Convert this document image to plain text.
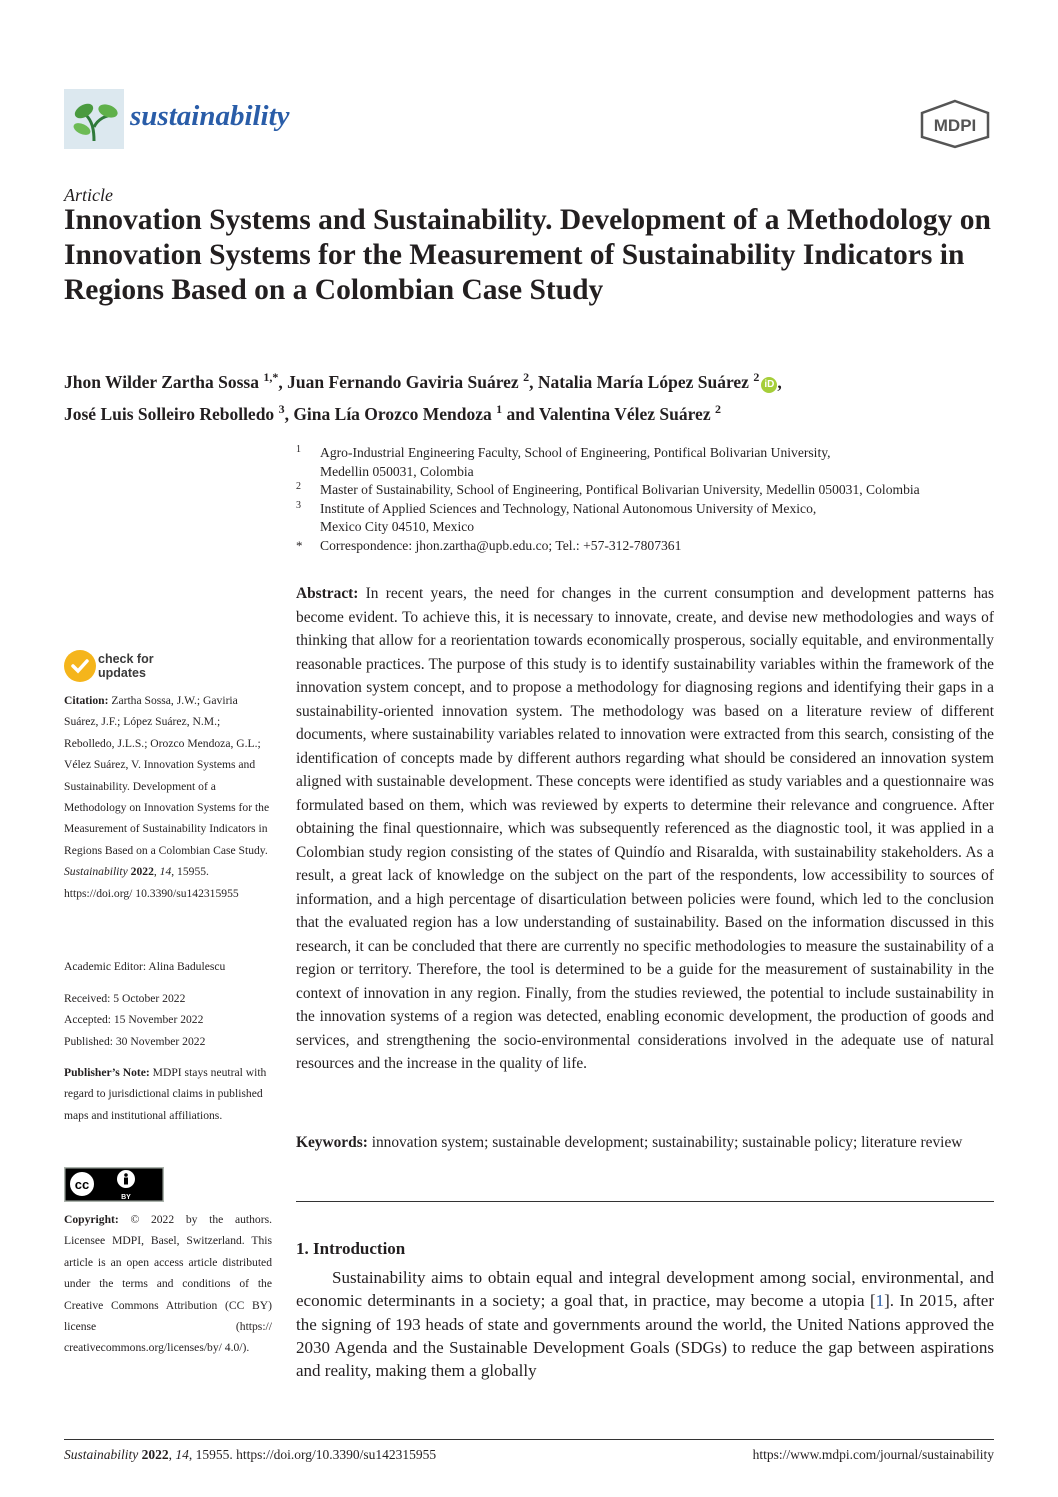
sustainability	MDPI
Article
Innovation Systems and Sustainability. Development of a Methodology on Innovation Systems for the Measurement of Sustainability Indicators in Regions Based on a Colombian Case Study
Jhon Wilder Zartha Sossa $^{1,*}$, Juan Fernando Gaviria Suárez $^2$, Natalia María López Suárez $^2$iD ,
José Luis Solleiro Rebolledo $^3$, Gina Lía Orozco Mendoza $^1$ and Valentina Vélez Suárez $^2$
1 Agro-Industrial Engineering Faculty, School of Engineering, Pontifical Bolivarian University,
Medellin 050031, Colombia
2 Master of Sustainability, School of Engineering, Pontifical Bolivarian University, Medellin 050031, Colombia
3 Institute of Applied Sciences and Technology, National Autonomous University of Mexico,
Mexico City 04510, Mexico
* Correspondence: jhon.zartha@upb.edu.co; Tel.: +57-312-7807361
check for
updates
Citation: Zartha Sossa, J.W.; Gaviria Suárez, J.F.; López Suárez, N.M.; Rebolledo, J.L.S.; Orozco Mendoza, G.L.; Vélez Suárez, V. Innovation Systems and Sustainability. Development of a Methodology on Innovation Systems for the Measurement of Sustainability Indicators in Regions Based on a Colombian Case Study. Sustainability 2022, 14, 15955. https://doi.org/ 10.3390/su142315955
Academic Editor: Alina Badulescu
Received: 5 October 2022
Accepted: 15 November 2022
Published: 30 November 2022
Publisher’s Note: MDPI stays neutral with regard to jurisdictional claims in published maps and institutional affiliations.
cc
BY
Copyright: © 2022 by the authors. Licensee MDPI, Basel, Switzerland. This article is an open access article distributed under the terms and conditions of the Creative Commons Attribution (CC BY) license (https:// creativecommons.org/licenses/by/ 4.0/).

Abstract: In recent years, the need for changes in the current consumption and development patterns has become evident. To achieve this, it is necessary to innovate, create, and devise new methodologies and ways of thinking that allow for a reorientation towards economically prosperous, socially equitable, and environmentally reasonable practices. The purpose of this study is to identify sustainability variables within the framework of the innovation system concept, and to propose a methodology for diagnosing regions and identifying their gaps in a sustainability-oriented innovation system. The methodology was based on a literature review of different documents, where sustainability variables related to innovation were extracted from this search, consisting of the identification of concepts made by different authors regarding what should be considered an innovation system aligned with sustainable development. These concepts were identified as study variables and a questionnaire was formulated based on them, which was reviewed by experts to determine their relevance and congruence. After obtaining the final questionnaire, which was subsequently referenced as the diagnostic tool, it was applied in a Colombian study region consisting of the states of Quindío and Risaralda, with sustainability stakeholders. As a result, a great lack of knowledge on the subject on the part of the respondents, low accessibility to sources of information, and a high percentage of disarticulation between policies were found, which led to the conclusion that the evaluated region has a low understanding of sustainability. Based on the information discussed in this research, it can be concluded that there are currently no specific methodologies to measure the sustainability of a region or territory. Therefore, the tool is determined to be a guide for the measurement of sustainability in the context of innovation in any region. Finally, from the studies reviewed, the potential to include sustainability in the innovation systems of a region was detected, enabling economic development, the production of goods and services, and strengthening the socio-environmental considerations involved in the adequate use of natural resources and the increase in the quality of life.

Keywords: innovation system; sustainable development; sustainability; sustainable policy; literature review

1. Introduction

Sustainability aims to obtain equal and integral development among social, environmental, and economic determinants in a society; a goal that, in practice, may become a utopia [1]. In 2015, after the signing of 193 heads of state and governments around the world, the United Nations approved the 2030 Agenda and the Sustainable Development Goals (SDGs) to reduce the gap between aspirations and reality, making them a globally

Sustainability 2022, 14, 15955. https://doi.org/10.3390/su142315955	https://www.mdpi.com/journal/sustainability
